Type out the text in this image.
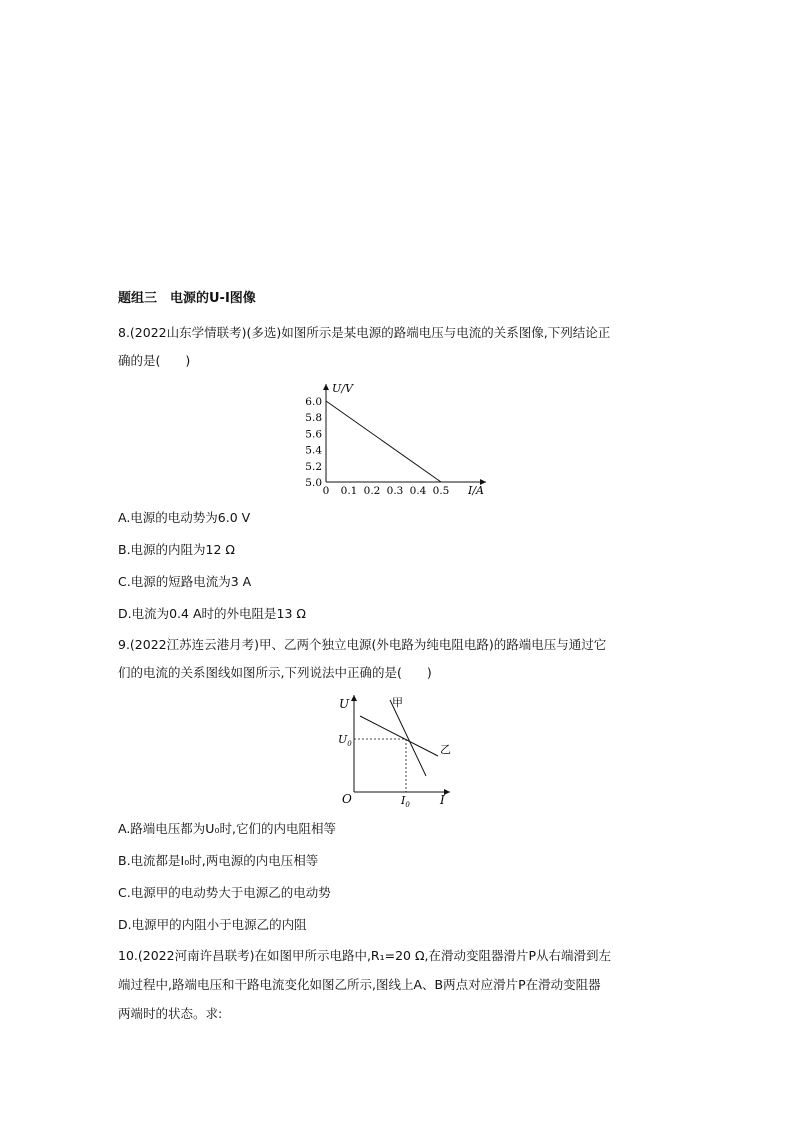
题组三　电源的U-I图像
8.(2022山东学情联考)(多选)如图所示是某电源的路端电压与电流的关系图像,下列结论正
确的是(　　)
U/V
I/A
6.0
5.8
5.6
5.4
5.2
5.0
0 0.1 0.2 0.3 0.4 0.5
A.电源的电动势为6.0 V
B.电源的内阻为12 Ω
C.电源的短路电流为3 A
D.电流为0.4 A时的外电阻是13 Ω
9.(2022江苏连云港月考)甲、乙两个独立电源(外电路为纯电阻电路)的路端电压与通过它
们的电流的关系图线如图所示,下列说法中正确的是(　　)
U
I
O
$U_0$
$I_0$
甲
乙
A.路端电压都为U₀时,它们的内电阻相等
B.电流都是I₀时,两电源的内电压相等
C.电源甲的电动势大于电源乙的电动势
D.电源甲的内阻小于电源乙的内阻
10.(2022河南许昌联考)在如图甲所示电路中,R₁=20 Ω,在滑动变阻器滑片P从右端滑到左
端过程中,路端电压和干路电流变化如图乙所示,图线上A、B两点对应滑片P在滑动变阻器
两端时的状态。求:
